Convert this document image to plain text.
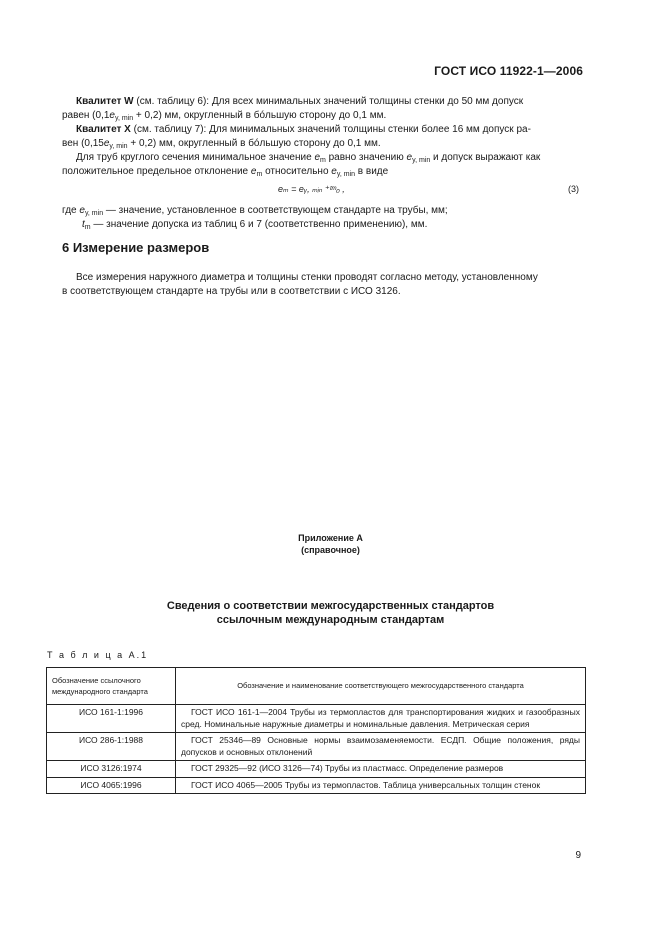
ГОСТ ИСО 11922-1—2006
Квалитет W (см. таблицу 6): Для всех минимальных значений толщины стенки до 50 мм допуск
равен $(0,1e_{y, min} + 0,2)$ мм, округленный в бóльшую сторону до 0,1 мм.
Квалитет X (см. таблицу 7): Для минимальных значений толщины стенки более 16 мм допуск ра-
вен $(0,15e_{y, min} + 0,2)$ мм, округленный в бóльшую сторону до 0,1 мм.
Для труб круглого сечения минимальное значение $e_m$ равно значению $e_{y, min}$ и допуск выражают как
положительное предельное отклонение $e_m$ относительно $e_{y, min}$ в виде
eₘ = eᵧ, ₘᵢₙ ⁺ᵗᵐ₀ ,	(3)
где $e_{y, min}$ — значение, установленное в соответствующем стандарте на трубы, мм;
$t_m$ — значение допуска из таблиц 6 и 7 (соответственно применению), мм.
6 Измерение размеров
Все измерения наружного диаметра и толщины стенки проводят согласно методу, установленному
в соответствующем стандарте на трубы или в соответствии с ИСО 3126.
Приложение А
(справочное)
Сведения о соответствии межгосударственных стандартов
ссылочным международным стандартам
Т а б л и ц а А.1
Обозначение ссылочного международного стандарта	Обозначение и наименование соответствующего межгосударственного стандарта
ИСО 161-1:1996	ГОСТ ИСО 161-1—2004 Трубы из термопластов для транспортирования жидких и газообразных сред. Номинальные наружные диаметры и номинальные давления. Метрическая серия
ИСО 286-1:1988	ГОСТ 25346—89 Основные нормы взаимозаменяемости. ЕСДП. Общие положения, ряды допусков и основных отклонений
ИСО 3126:1974	ГОСТ 29325—92 (ИСО 3126—74) Трубы из пластмасс. Определение размеров
ИСО 4065:1996	ГОСТ ИСО 4065—2005 Трубы из термопластов. Таблица универсальных толщин стенок
9
